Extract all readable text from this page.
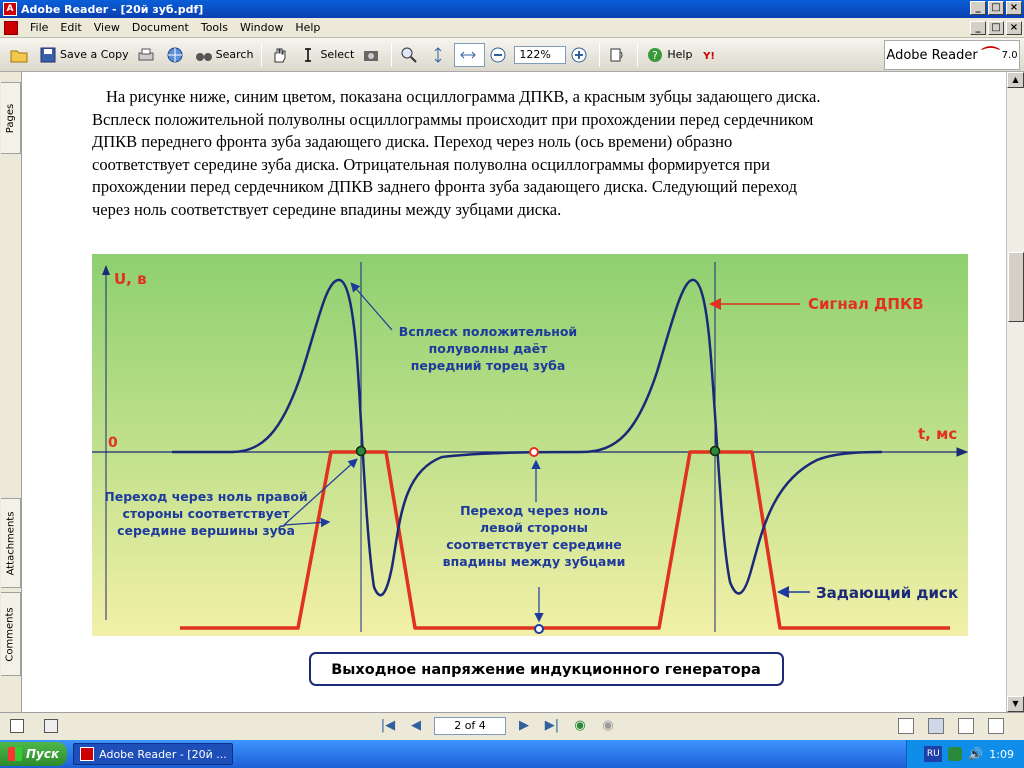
A Adobe Reader - [20й зуб.pdf]	_	□ ×
File	Edit	View	Document	Tools	Window	Help	_	□ ×
Save a Copy	Search	Select	122%	? Help Y!	Adobe Reader ⌒ 7.0
Pages
Attachments
Comments
На рисунке ниже, синим цветом, показана осциллограмма ДПКВ, а красным зубцы задающего диска.
Всплеск положительной полуволны осциллограммы происходит при прохождении перед сердечником
ДПКВ переднего фронта зуба задающего диска. Переход через ноль (ось времени) образно
соответствует середине зуба диска. Отрицательная полуволна осциллограммы формируется при
прохождении перед сердечником ДПКВ заднего фронта зуба задающего диска. Следующий переход
через ноль соответствует середине впадины между зубцами диска.
U, в
0	t, мс
Сигнал ДПКВ
Задающий диск
Всплеск положительной
полуволны даёт
передний торец зуба
Переход через ноль правой
стороны соответствует
середине вершины зуба
Переход через ноль
левой стороны
соответствует середине
впадины между зубцами
Выходное напряжение индукционного генератора
▲
▼
|◀	◀	2 of 4	▶	▶|	◉	◉
Пуск	Adobe Reader - [20й ...	RU 🔊 1:09
